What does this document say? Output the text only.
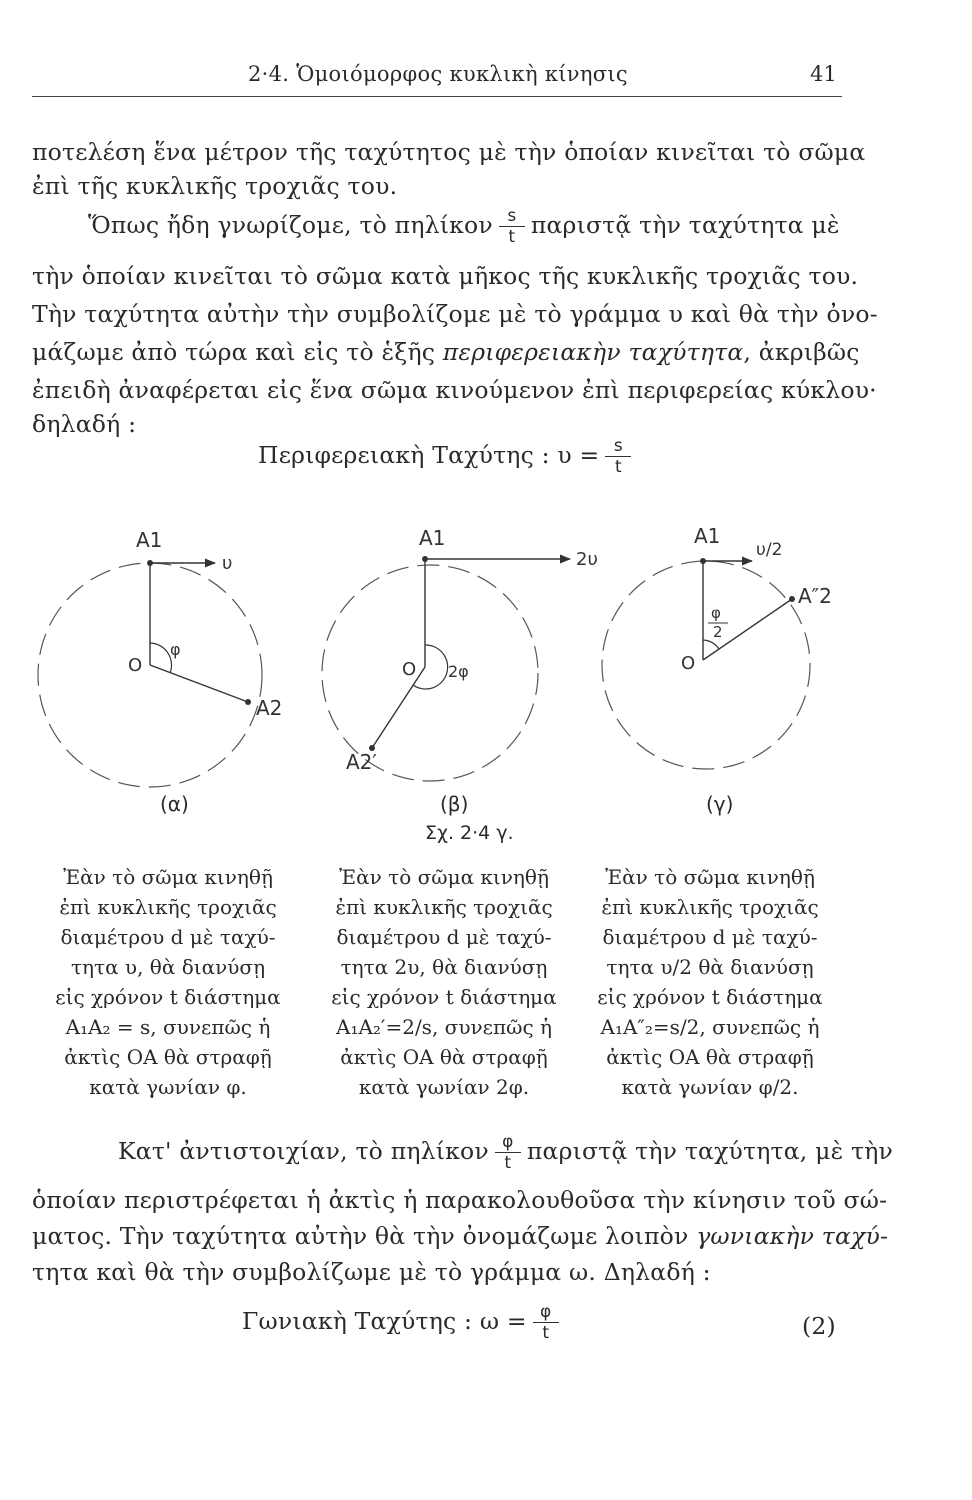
2·4. Ὁμοιόμορφος κυκλικὴ κίνησις	41
ποτελέση ἕνα μέτρον τῆς ταχύτητος μὲ τὴν ὁποίαν κινεῖται τὸ σῶμα
ἐπὶ τῆς κυκλικῆς τροχιᾶς του.
Ὅπως ἤδη γνωρίζομε, τὸ πηλίκον $\frac{s}{t}$ παριστᾷ τὴν ταχύτητα μὲ
τὴν ὁποίαν κινεῖται τὸ σῶμα κατὰ μῆκος τῆς κυκλικῆς τροχιᾶς του.
Τὴν ταχύτητα αὐτὴν τὴν συμβολίζομε μὲ τὸ γράμμα υ καὶ θὰ τὴν ὀνο-
μάζωμε ἀπὸ τώρα καὶ εἰς τὸ ἑξῆς περιφερειακὴν ταχύτητα, ἀκριβῶς
ἐπειδὴ ἀναφέρεται εἰς ἕνα σῶμα κινούμενον ἐπὶ περιφερείας κύκλου·
δηλαδή :
Περιφερειακὴ Ταχύτης : $\upsilon = \frac{s}{t}$
A1
υ
O
φ
A2
A1
2υ
O 2φ
A2′
A1
υ/2
O
φ
2
A″2
(α)	(β)	(γ)
Σχ. 2·4 γ.
Ἐὰν τὸ σῶμα κινηθῇ
ἐπὶ κυκλικῆς τροχιᾶς
διαμέτρου d μὲ ταχύ-
τητα υ, θὰ διανύσῃ
εἰς χρόνον t διάστημα
A₁A₂ = s, συνεπῶς ἡ
ἀκτὶς OA θὰ στραφῇ
κατὰ γωνίαν φ.
Ἐὰν τὸ σῶμα κινηθῇ
ἐπὶ κυκλικῆς τροχιᾶς
διαμέτρου d μὲ ταχύ-
τητα 2υ, θὰ διανύσῃ
εἰς χρόνον t διάστημα
A₁A₂′=2/s, συνεπῶς ἡ
ἀκτὶς OA θὰ στραφῇ
κατὰ γωνίαν 2φ.
Ἐὰν τὸ σῶμα κινηθῇ
ἐπὶ κυκλικῆς τροχιᾶς
διαμέτρου d μὲ ταχύ-
τητα υ/2 θὰ διανύσῃ
εἰς χρόνον t διάστημα
A₁A″₂=s/2, συνεπῶς ἡ
ἀκτὶς OA θὰ στραφῇ
κατὰ γωνίαν φ/2.
Κατ' ἀντιστοιχίαν, τὸ πηλίκον $\frac{\varphi}{t}$ παριστᾷ τὴν ταχύτητα, μὲ τὴν
ὁποίαν περιστρέφεται ἡ ἀκτὶς ἡ παρακολουθοῦσα τὴν κίνησιν τοῦ σώ-
ματος. Τὴν ταχύτητα αὐτὴν θὰ τὴν ὀνομάζωμε λοιπὸν γωνιακὴν ταχύ-
τητα καὶ θὰ τὴν συμβολίζωμε μὲ τὸ γράμμα ω. Δηλαδή :
Γωνιακὴ Ταχύτης : $\omega = \frac{\varphi}{t}$	(2)
